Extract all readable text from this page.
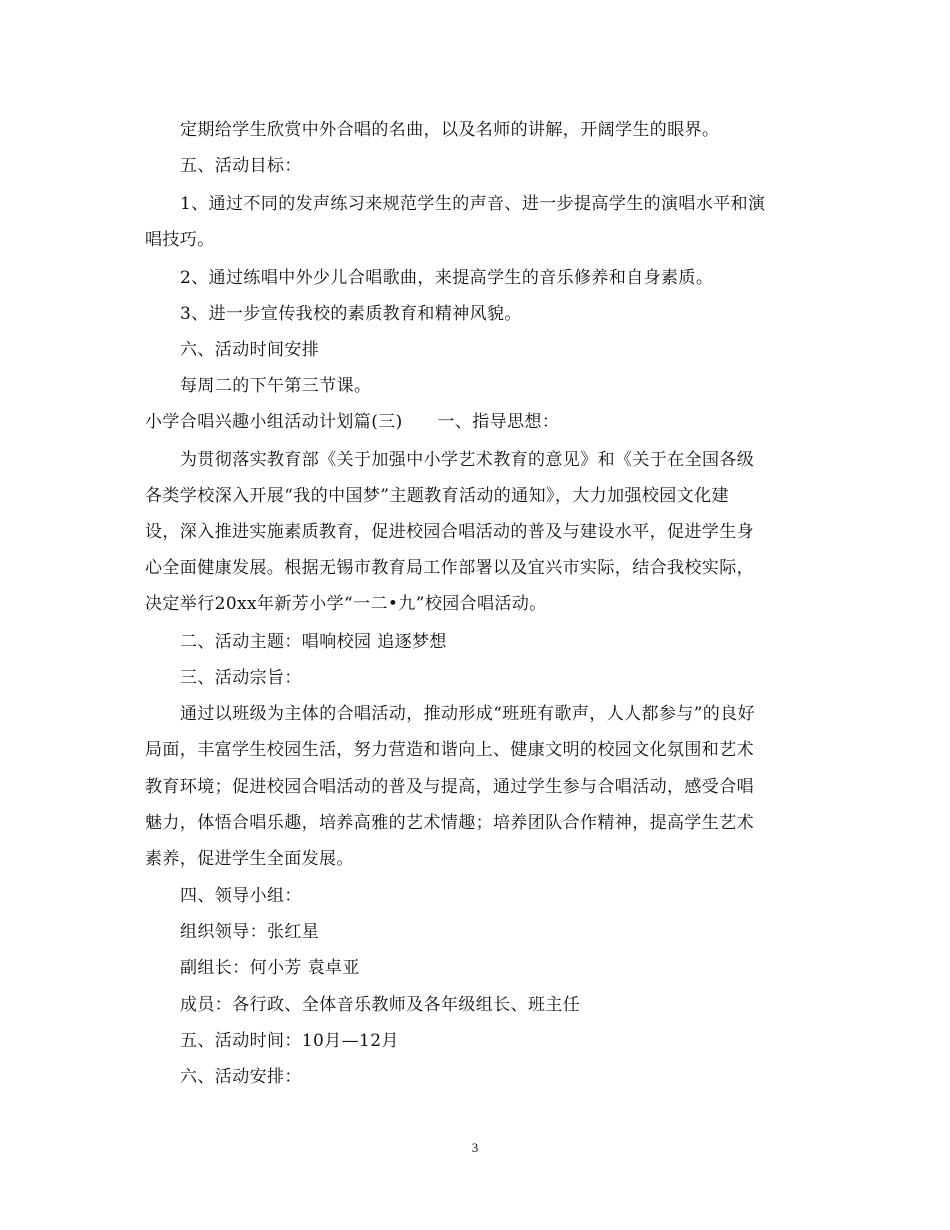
定期给学生欣赏中外合唱的名曲，以及名师的讲解，开阔学生的眼界。
五、活动目标：
1、通过不同的发声练习来规范学生的声音、进一步提高学生的演唱水平和演
唱技巧。
2、通过练唱中外少儿合唱歌曲，来提高学生的音乐修养和自身素质。
3、进一步宣传我校的素质教育和精神风貌。
六、活动时间安排
每周二的下午第三节课。
小学合唱兴趣小组活动计划篇(三)　　一、指导思想：
为贯彻落实教育部《关于加强中小学艺术教育的意见》和《关于在全国各级
各类学校深入开展“我的中国梦”主题教育活动的通知》，大力加强校园文化建
设，深入推进实施素质教育，促进校园合唱活动的普及与建设水平，促进学生身
心全面健康发展。根据无锡市教育局工作部署以及宜兴市实际，结合我校实际，
决定举行20xx年新芳小学“一二•九”校园合唱活动。
二、活动主题：唱响校园 追逐梦想
三、活动宗旨：
通过以班级为主体的合唱活动，推动形成“班班有歌声，人人都参与”的良好
局面，丰富学生校园生活，努力营造和谐向上、健康文明的校园文化氛围和艺术
教育环境；促进校园合唱活动的普及与提高，通过学生参与合唱活动，感受合唱
魅力，体悟合唱乐趣，培养高雅的艺术情趣；培养团队合作精神，提高学生艺术
素养，促进学生全面发展。
四、领导小组：
组织领导：张红星
副组长：何小芳 袁卓亚
成员：各行政、全体音乐教师及各年级组长、班主任
五、活动时间：10月—12月
六、活动安排：
3
